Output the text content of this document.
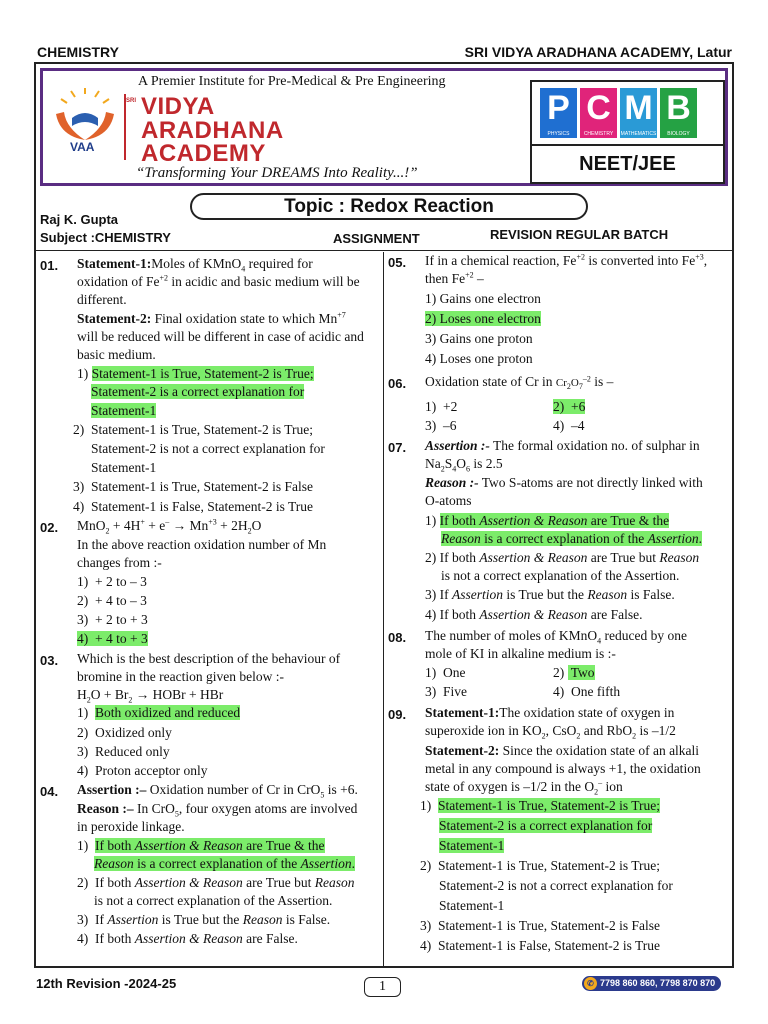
CHEMISTRY	SRI VIDYA ARADHANA ACADEMY, Latur
VAA
SRI
A Premier Institute for Pre-Medical & Pre Engineering
VIDYA
ARADHANA
ACADEMY
“Transforming Your DREAMS Into Reality...!”
P
PHYSICS
C
CHEMISTRY
M
MATHEMATICS
B
BIOLOGY
NEET/JEE
Topic : Redox Reaction
Raj K. Gupta
Subject :CHEMISTRY	ASSIGNMENT	REVISION REGULAR BATCH
01. Statement-1:Moles of KMnO$_4$ required for
oxidation of $Fe^{+2}$ in acidic and basic medium will be
different.
Statement-2: Final oxidation state to which $Mn^{+7}$
will be reduced will be different in case of acidic and
basic medium.
1) Statement-1 is True, Statement-2 is True;
Statement-2 is a correct explanation for
Statement-1
2)  Statement-1 is True, Statement-2 is True;
Statement-2 is not a correct explanation for
Statement-1
3)  Statement-1 is True, Statement-2 is False
4)  Statement-1 is False, Statement-2 is True
02. $MnO_2 + 4H^+ + e^- \to Mn^{+3} + 2H_2O$
In the above reaction oxidation number of Mn
changes from :-
1)  + 2 to – 3
2)  + 4 to – 3
3)  + 2 to + 3
4)  + 4 to + 3
03. Which is the best description of the behaviour of
bromine in the reaction given below :-
$H_2O + Br_2$ → HOBr + HBr
1)  Both oxidized and reduced
2)  Oxidized only
3)  Reduced only
4)  Proton acceptor only
04. Assertion :– Oxidation number of Cr in CrO$_5$ is +6.
Reason :– In CrO$_5$, four oxygen atoms are involved
in peroxide linkage.
1)  If both Assertion & Reason are True & the
Reason is a correct explanation of the Assertion.
2)  If both Assertion & Reason are True but Reason
is not a correct explanation of the Assertion.
3)  If Assertion is True but the Reason is False.
4)  If both Assertion & Reason are False.
05. If in a chemical reaction, $Fe^{+2}$ is converted into $Fe^{+3}$,
then $Fe^{+2}$ –
1) Gains one electron
2) Loses one electron
3) Gains one proton
4) Loses one proton
06. Oxidation state of Cr in $Cr_2O_7^{-2}$ is –
1)  +2	2)  +6
3)  –6	4)  –4
07. Assertion :- The formal oxidation no. of sulphar in
$Na_2S_4O_6$ is 2.5
Reason :- Two S-atoms are not directly linked with
O-atoms
1) If both Assertion & Reason are True & the
Reason is a correct explanation of the Assertion.
2) If both Assertion & Reason are True but Reason
is not a correct explanation of the Assertion.
3) If Assertion is True but the Reason is False.
4) If both Assertion & Reason are False.
08. The number of moles of KMnO$_4$ reduced by one
mole of KI in alkaline medium is :-
1)  One	2)  Two
3)  Five	4)  One fifth
09. Statement-1:The oxidation state of oxygen in
superoxide ion in $KO_2$, CsO$_2$ and RbO$_2$ is –1/2
Statement-2: Since the oxidation state of an alkali
metal in any compound is always +1, the oxidation
state of oxygen is –1/2 in the $O_2^-$ ion
1)  Statement-1 is True, Statement-2 is True;
Statement-2 is a correct explanation for
Statement-1
2)  Statement-1 is True, Statement-2 is True;
Statement-2 is not a correct explanation for
Statement-1
3)  Statement-1 is True, Statement-2 is False
4)  Statement-1 is False, Statement-2 is True
12th Revision -2024-25	1	✆ 7798 860 860, 7798 870 870
